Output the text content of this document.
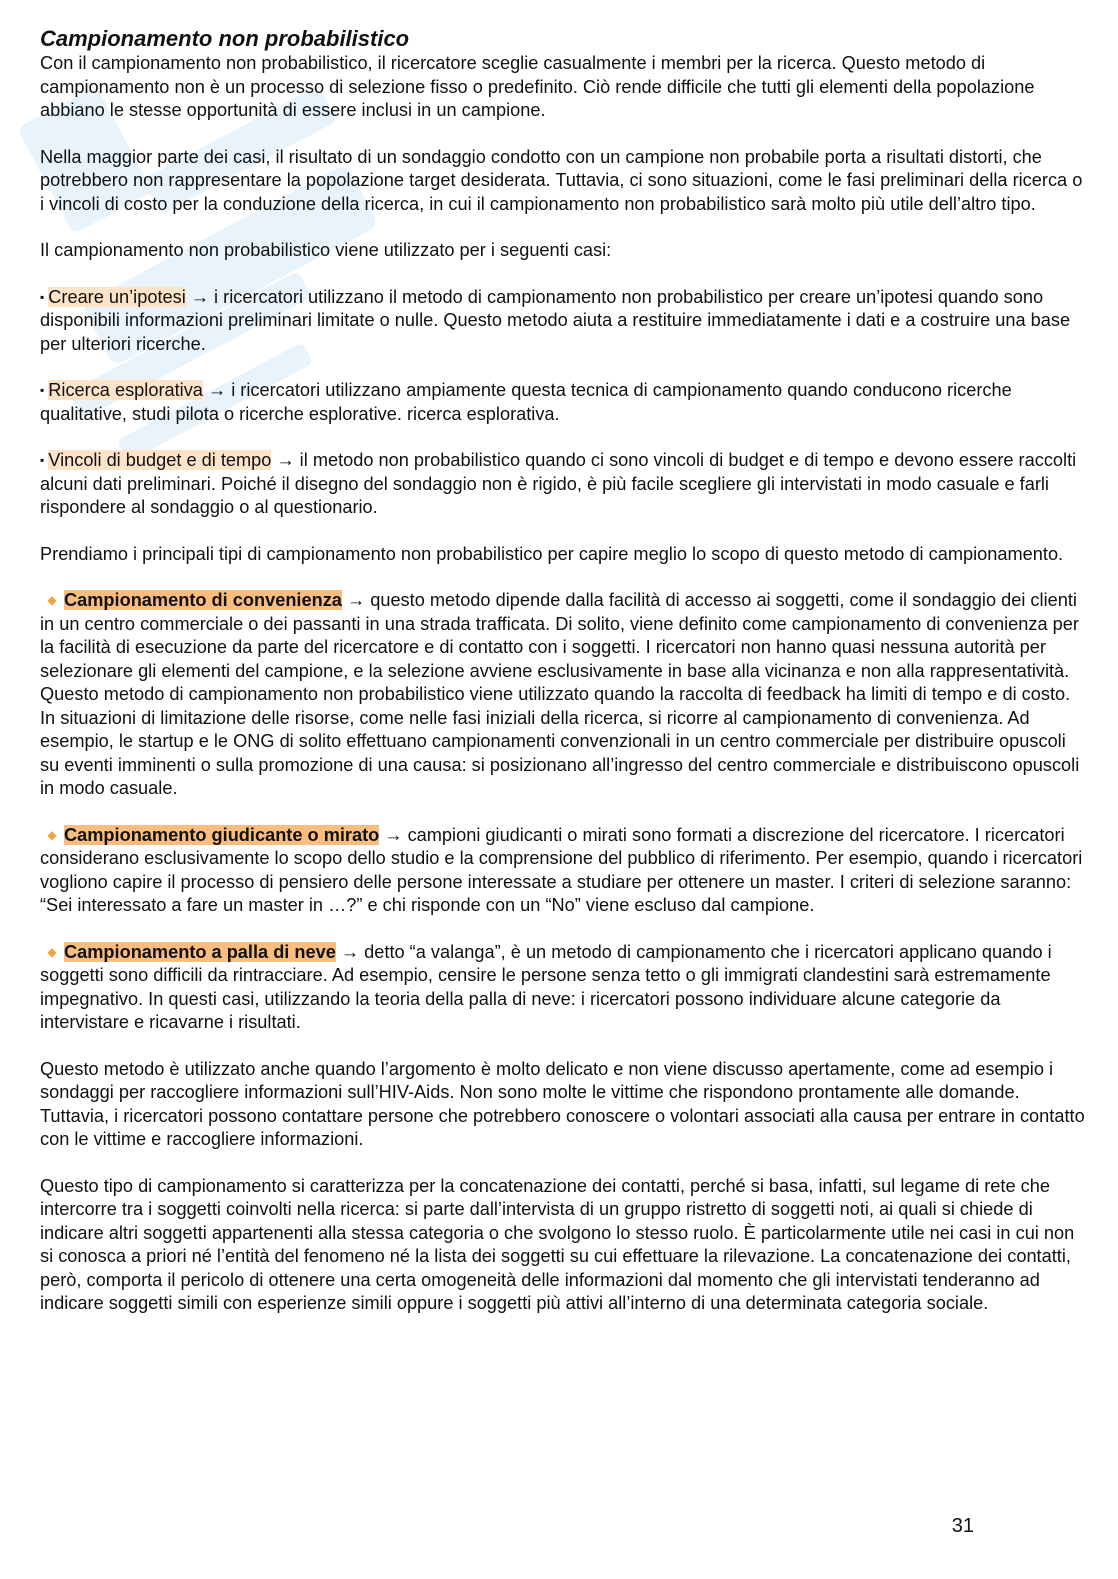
Campionamento non probabilistico

Con il campionamento non probabilistico, il ricercatore sceglie casualmente i membri per la ricerca. Questo metodo di campionamento non è un processo di selezione fisso o predefinito. Ciò rende difficile che tutti gli elementi della popolazione abbiano le stesse opportunità di essere inclusi in un campione.

Nella maggior parte dei casi, il risultato di un sondaggio condotto con un campione non probabile porta a risultati distorti, che potrebbero non rappresentare la popolazione target desiderata. Tuttavia, ci sono situazioni, come le fasi preliminari della ricerca o i vincoli di costo per la conduzione della ricerca, in cui il campionamento non probabilistico sarà molto più utile dell’altro tipo.

Il campionamento non probabilistico viene utilizzato per i seguenti casi:

▪ Creare un’ipotesi → i ricercatori utilizzano il metodo di campionamento non probabilistico per creare un’ipotesi quando sono disponibili informazioni preliminari limitate o nulle. Questo metodo aiuta a restituire immediatamente i dati e a costruire una base per ulteriori ricerche.

▪ Ricerca esplorativa → i ricercatori utilizzano ampiamente questa tecnica di campionamento quando conducono ricerche qualitative, studi pilota o ricerche esplorative. ricerca esplorativa.

▪ Vincoli di budget e di tempo → il metodo non probabilistico quando ci sono vincoli di budget e di tempo e devono essere raccolti alcuni dati preliminari. Poiché il disegno del sondaggio non è rigido, è più facile scegliere gli intervistati in modo casuale e farli rispondere al sondaggio o al questionario.

Prendiamo i principali tipi di campionamento non probabilistico per capire meglio lo scopo di questo metodo di campionamento.

◆ Campionamento di convenienza → questo metodo dipende dalla facilità di accesso ai soggetti, come il sondaggio dei clienti in un centro commerciale o dei passanti in una strada trafficata. Di solito, viene definito come campionamento di convenienza per la facilità di esecuzione da parte del ricercatore e di contatto con i soggetti. I ricercatori non hanno quasi nessuna autorità per selezionare gli elementi del campione, e la selezione avviene esclusivamente in base alla vicinanza e non alla rappresentatività. Questo metodo di campionamento non probabilistico viene utilizzato quando la raccolta di feedback ha limiti di tempo e di costo. In situazioni di limitazione delle risorse, come nelle fasi iniziali della ricerca, si ricorre al campionamento di convenienza. Ad esempio, le startup e le ONG di solito effettuano campionamenti convenzionali in un centro commerciale per distribuire opuscoli su eventi imminenti o sulla promozione di una causa: si posizionano all’ingresso del centro commerciale e distribuiscono opuscoli in modo casuale.

◆ Campionamento giudicante o mirato → campioni giudicanti o mirati sono formati a discrezione del ricercatore. I ricercatori considerano esclusivamente lo scopo dello studio e la comprensione del pubblico di riferimento. Per esempio, quando i ricercatori vogliono capire il processo di pensiero delle persone interessate a studiare per ottenere un master. I criteri di selezione saranno: “Sei interessato a fare un master in …?” e chi risponde con un “No” viene escluso dal campione.

◆ Campionamento a palla di neve → detto “a valanga”, è un metodo di campionamento che i ricercatori applicano quando i soggetti sono difficili da rintracciare. Ad esempio, censire le persone senza tetto o gli immigrati clandestini sarà estremamente impegnativo. In questi casi, utilizzando la teoria della palla di neve: i ricercatori possono individuare alcune categorie da intervistare e ricavarne i risultati.

Questo metodo è utilizzato anche quando l’argomento è molto delicato e non viene discusso apertamente, come ad esempio i sondaggi per raccogliere informazioni sull’HIV-Aids. Non sono molte le vittime che rispondono prontamente alle domande. Tuttavia, i ricercatori possono contattare persone che potrebbero conoscere o volontari associati alla causa per entrare in contatto con le vittime e raccogliere informazioni.

Questo tipo di campionamento si caratterizza per la concatenazione dei contatti, perché si basa, infatti, sul legame di rete che intercorre tra i soggetti coinvolti nella ricerca: si parte dall’intervista di un gruppo ristretto di soggetti noti, ai quali si chiede di indicare altri soggetti appartenenti alla stessa categoria o che svolgono lo stesso ruolo. È particolarmente utile nei casi in cui non si conosca a priori né l’entità del fenomeno né la lista dei soggetti su cui effettuare la rilevazione. La concatenazione dei contatti, però, comporta il pericolo di ottenere una certa omogeneità delle informazioni dal momento che gli intervistati tenderanno ad indicare soggetti simili con esperienze simili oppure i soggetti più attivi all’interno di una determinata categoria sociale.

31
